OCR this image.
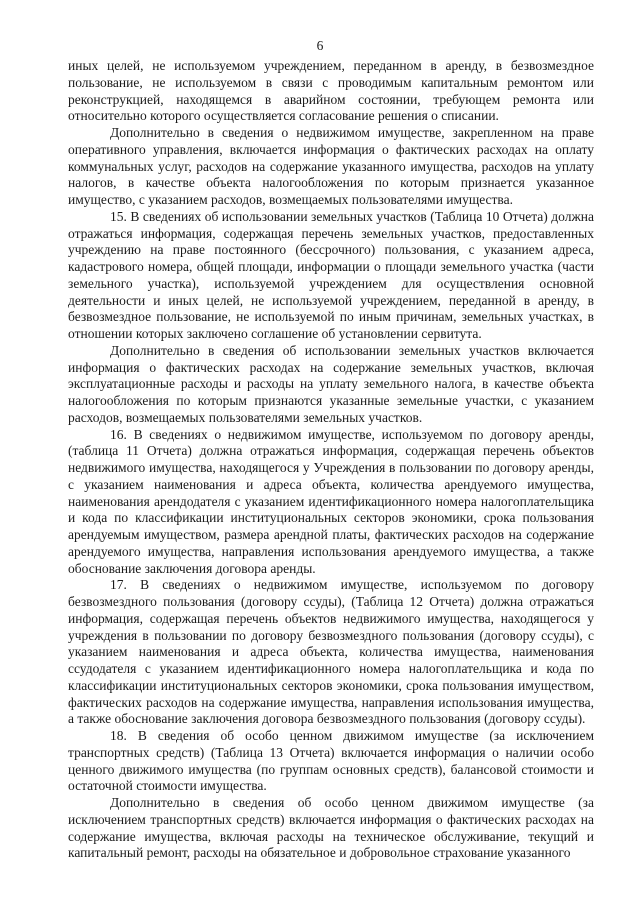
6

иных целей, не используемом учреждением, переданном в аренду, в безвозмездное пользование, не используемом в связи с проводимым капитальным ремонтом или реконструкцией, находящемся в аварийном состоянии, требующем ремонта или относительно которого осуществляется согласование решения о списании.

Дополнительно в сведения о недвижимом имуществе, закрепленном на праве оперативного управления, включается информация о фактических расходах на оплату коммунальных услуг, расходов на содержание указанного имущества, расходов на уплату налогов, в качестве объекта налогообложения по которым признается указанное имущество, с указанием расходов, возмещаемых пользователями имущества.

15. В сведениях об использовании земельных участков (Таблица 10 Отчета) должна отражаться информация, содержащая перечень земельных участков, предоставленных учреждению на праве постоянного (бессрочного) пользования, с указанием адреса, кадастрового номера, общей площади, информации о площади земельного участка (части земельного участка), используемой учреждением для осуществления основной деятельности и иных целей, не используемой учреждением, переданной в аренду, в безвозмездное пользование, не используемой по иным причинам, земельных участках, в отношении которых заключено соглашение об установлении сервитута.

Дополнительно в сведения об использовании земельных участков включается информация о фактических расходах на содержание земельных участков, включая эксплуатационные расходы и расходы на уплату земельного налога, в качестве объекта налогообложения по которым признаются указанные земельные участки, с указанием расходов, возмещаемых пользователями земельных участков.

16. В сведениях о недвижимом имуществе, используемом по договору аренды, (таблица 11 Отчета) должна отражаться информация, содержащая перечень объектов недвижимого имущества, находящегося у Учреждения в пользовании по договору аренды, с указанием наименования и адреса объекта, количества арендуемого имущества, наименования арендодателя с указанием идентификационного номера налогоплательщика и кода по классификации институциональных секторов экономики, срока пользования арендуемым имуществом, размера арендной платы, фактических расходов на содержание арендуемого имущества, направления использования арендуемого имущества, а также обоснование заключения договора аренды.

17. В сведениях о недвижимом имуществе, используемом по договору безвозмездного пользования (договору ссуды), (Таблица 12 Отчета) должна отражаться информация, содержащая перечень объектов недвижимого имущества, находящегося у учреждения в пользовании по договору безвозмездного пользования (договору ссуды), с указанием наименования и адреса объекта, количества имущества, наименования ссудодателя с указанием идентификационного номера налогоплательщика и кода по классификации институциональных секторов экономики, срока пользования имуществом, фактических расходов на содержание имущества, направления использования имущества, а также обоснование заключения договора безвозмездного пользования (договору ссуды).

18. В сведения об особо ценном движимом имуществе (за исключением транспортных средств) (Таблица 13 Отчета) включается информация о наличии особо ценного движимого имущества (по группам основных средств), балансовой стоимости и остаточной стоимости имущества.

Дополнительно в сведения об особо ценном движимом имуществе (за исключением транспортных средств) включается информация о фактических расходах на содержание имущества, включая расходы на техническое обслуживание, текущий и капитальный ремонт, расходы на обязательное и добровольное страхование указанного
